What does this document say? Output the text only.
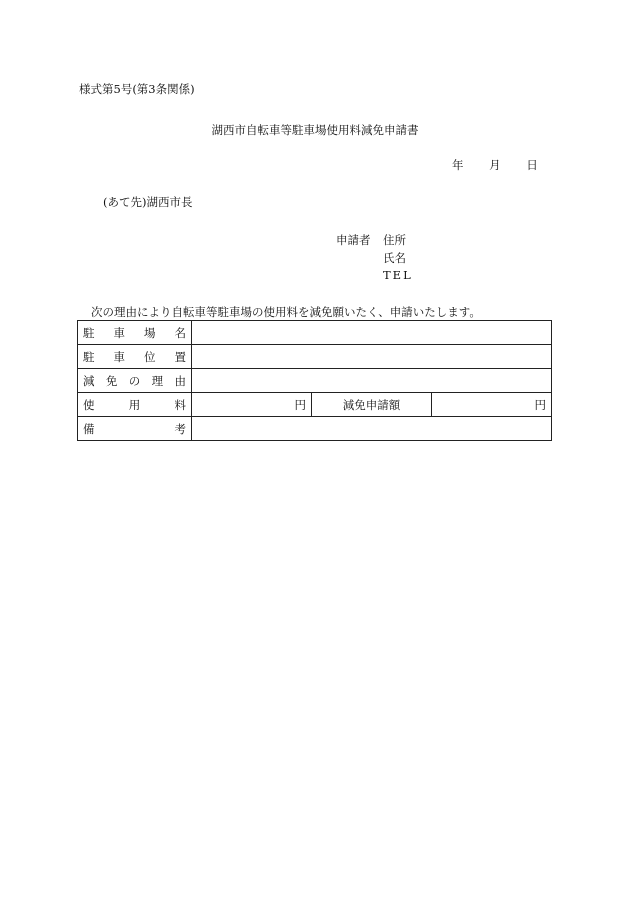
様式第5号(第3条関係)
湖西市自転車等駐車場使用料減免申請書
年 月 日
(あて先)湖西市長
申請者 住所
氏名
TEL
次の理由により自転車等駐車場の使用料を減免願いたく、申請いたします。
駐 車 場 名			

駐 車 位 置			

減 免 の 理 由			

使 用 料	円	減免申請額	円

備 考			
